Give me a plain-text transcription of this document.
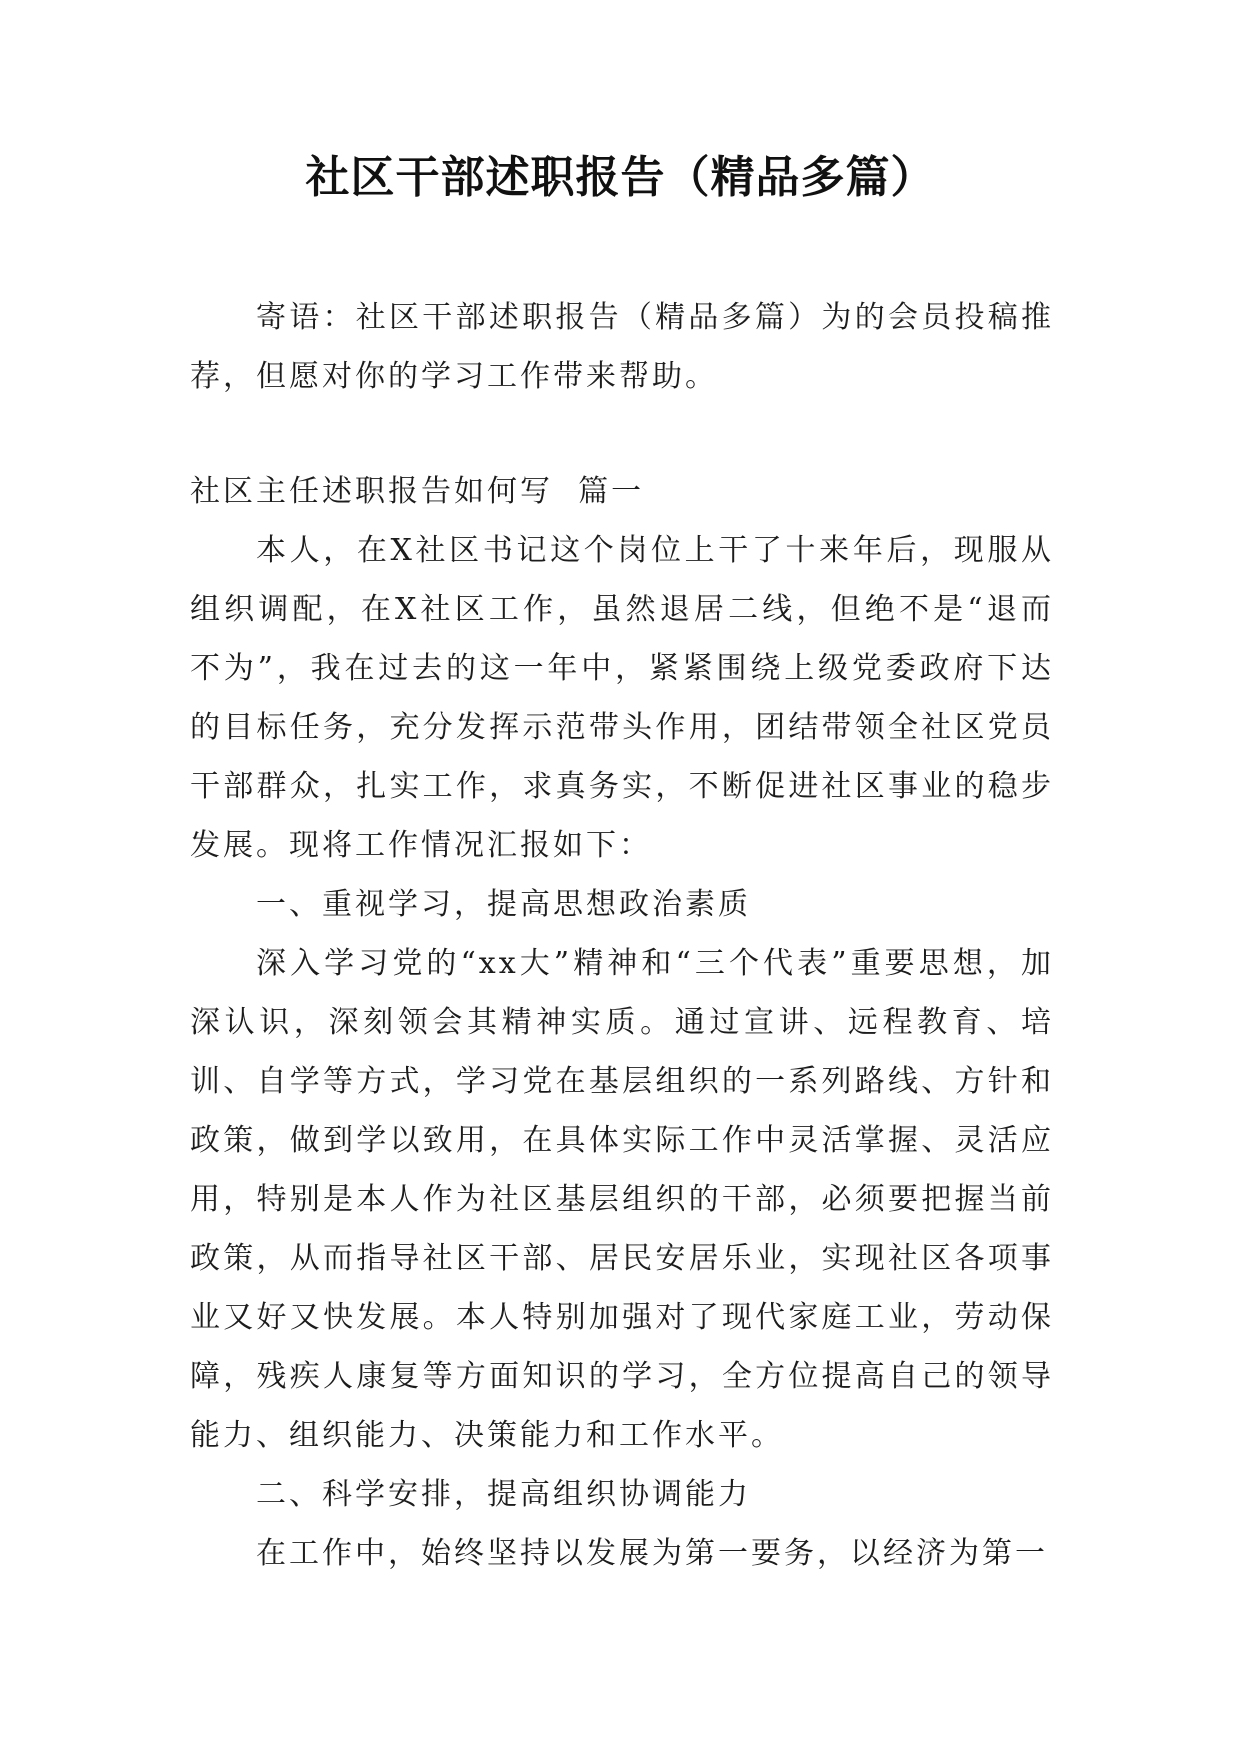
社区干部述职报告（精品多篇）

寄语：社区干部述职报告（精品多篇）为的会员投稿推荐，但愿对你的学习工作带来帮助。

社区主任述职报告如何写  篇一

本人，在X社区书记这个岗位上干了十来年后，现服从组织调配，在X社区工作，虽然退居二线，但绝不是“退而不为”，我在过去的这一年中，紧紧围绕上级党委政府下达的目标任务，充分发挥示范带头作用，团结带领全社区党员干部群众，扎实工作，求真务实，不断促进社区事业的稳步发展。现将工作情况汇报如下：

一、重视学习，提高思想政治素质

深入学习党的“xx大”精神和“三个代表”重要思想，加深认识，深刻领会其精神实质。通过宣讲、远程教育、培训、自学等方式，学习党在基层组织的一系列路线、方针和政策，做到学以致用，在具体实际工作中灵活掌握、灵活应用，特别是本人作为社区基层组织的干部，必须要把握当前政策，从而指导社区干部、居民安居乐业，实现社区各项事业又好又快发展。本人特别加强对了现代家庭工业，劳动保障，残疾人康复等方面知识的学习，全方位提高自己的领导能力、组织能力、决策能力和工作水平。

二、科学安排，提高组织协调能力

在工作中，始终坚持以发展为第一要务，以经济为第一
